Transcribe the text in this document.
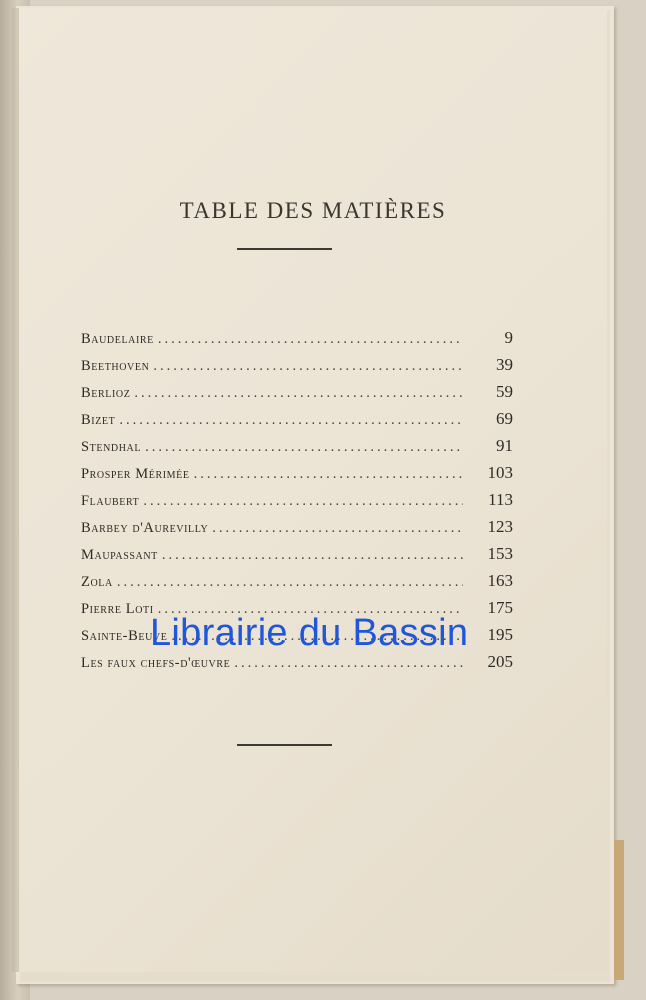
TABLE DES MATIÈRES
Baudelaire .....	9
Beethoven .....	39
Berlioz .....	59
Bizet .....	69
Stendhal .....	91
Prosper Mérimée .....	103
Flaubert .....	113
Barbey d'Aurevilly .....	123
Maupassant .....	153
Zola .....	163
Pierre Loti .....	175
Sainte-Beuve .....	195
Les faux chefs-d'œuvre .....	205
Librairie du Bassin
